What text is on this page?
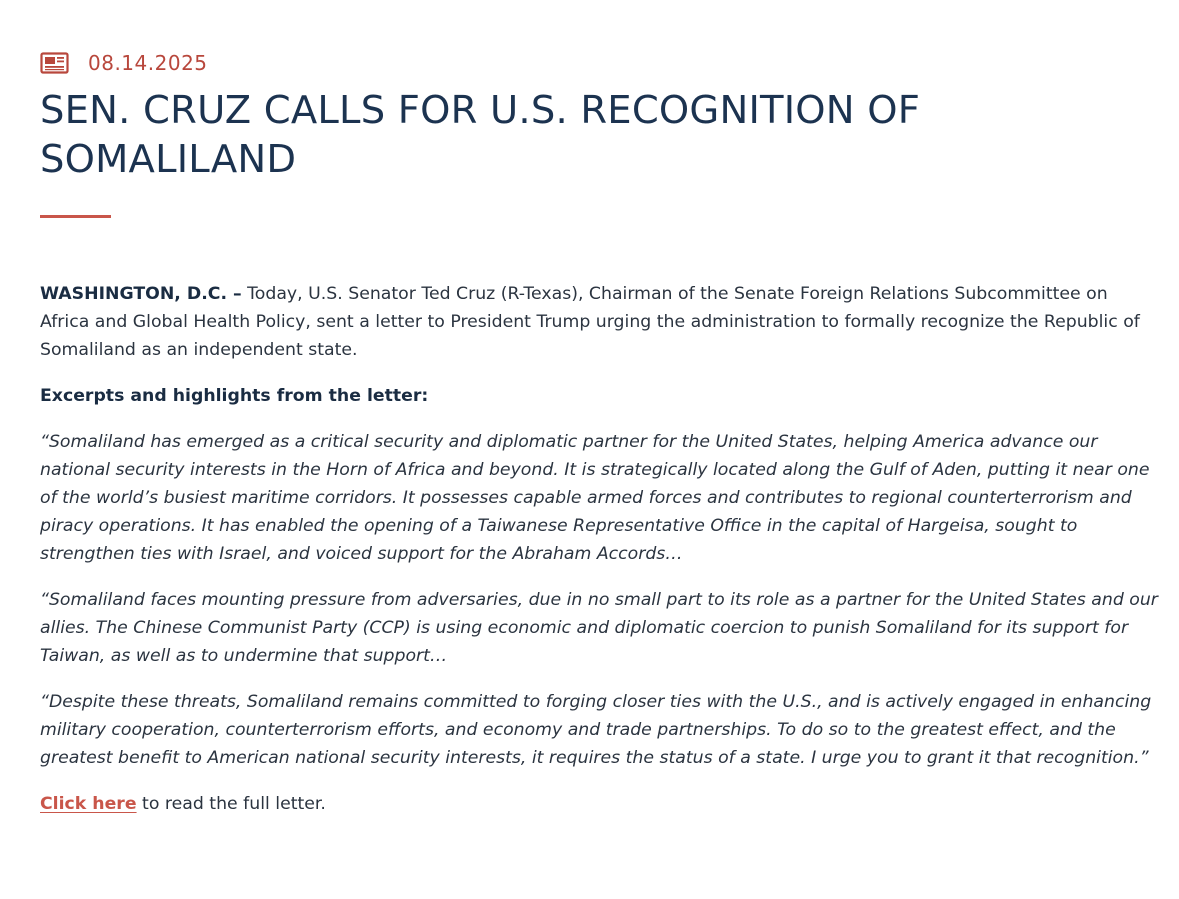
08.14.2025
SEN. CRUZ CALLS FOR U.S. RECOGNITION OF SOMALILAND

WASHINGTON, D.C. – Today, U.S. Senator Ted Cruz (R-Texas), Chairman of the Senate Foreign Relations Subcommittee on Africa and Global Health Policy, sent a letter to President Trump urging the administration to formally recognize the Republic of Somaliland as an independent state.

Excerpts and highlights from the letter:

“Somaliland has emerged as a critical security and diplomatic partner for the United States, helping America advance our national security interests in the Horn of Africa and beyond. It is strategically located along the Gulf of Aden, putting it near one of the world’s busiest maritime corridors. It possesses capable armed forces and contributes to regional counterterrorism and piracy operations. It has enabled the opening of a Taiwanese Representative Office in the capital of Hargeisa, sought to strengthen ties with Israel, and voiced support for the Abraham Accords…

“Somaliland faces mounting pressure from adversaries, due in no small part to its role as a partner for the United States and our allies. The Chinese Communist Party (CCP) is using economic and diplomatic coercion to punish Somaliland for its support for Taiwan, as well as to undermine that support…

“Despite these threats, Somaliland remains committed to forging closer ties with the U.S., and is actively engaged in enhancing military cooperation, counterterrorism efforts, and economy and trade partnerships. To do so to the greatest effect, and the greatest benefit to American national security interests, it requires the status of a state. I urge you to grant it that recognition.”

Click here to read the full letter.
